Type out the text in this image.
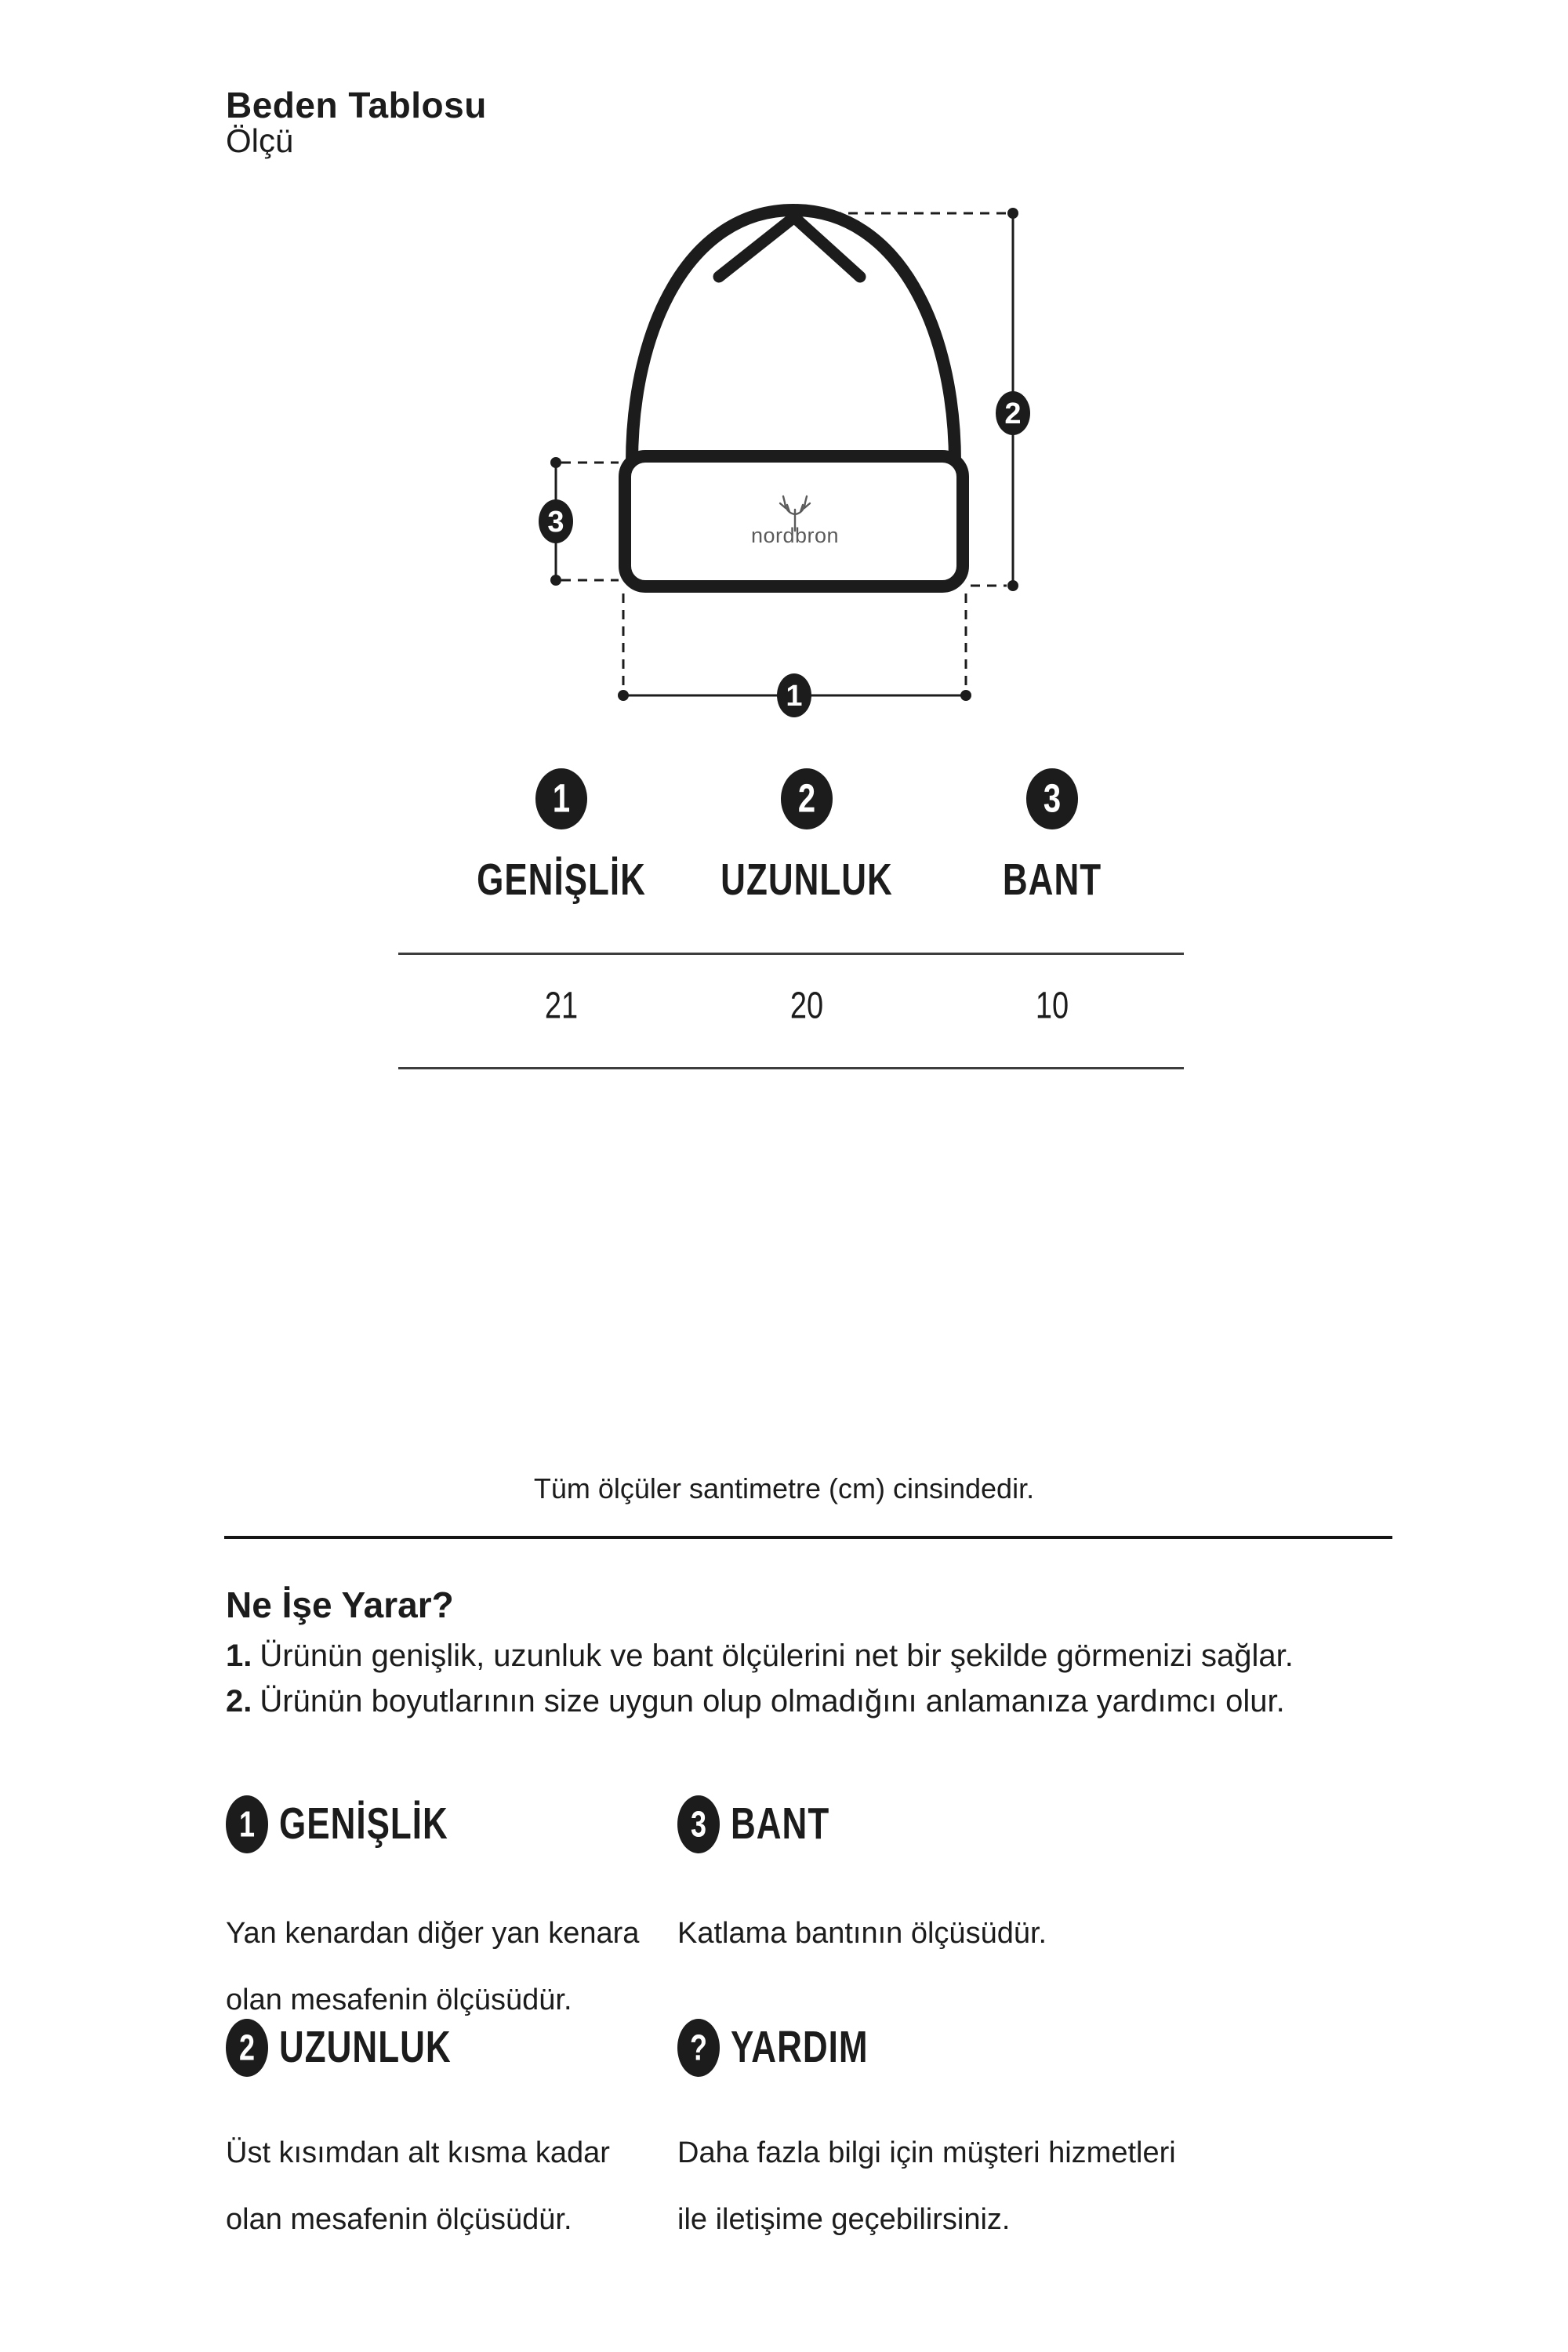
Beden Tablosu
Ölçü
nordbron
2
3
1
1	2	3
GENİŞLİK	UZUNLUK	BANT
21	20	10
Tüm ölçüler santimetre (cm) cinsindedir.
Ne İşe Yarar?
1. Ürünün genişlik, uzunluk ve bant ölçülerini net bir şekilde görmenizi sağlar.
2. Ürünün boyutlarının size uygun olup olmadığını anlamanıza yardımcı olur.
1 GENİŞLİK
Yan kenardan diğer yan kenara
olan mesafenin ölçüsüdür.
3 BANT
Katlama bantının ölçüsüdür.
2 UZUNLUK
Üst kısımdan alt kısma kadar
olan mesafenin ölçüsüdür.
? YARDIM
Daha fazla bilgi için müşteri hizmetleri
ile iletişime geçebilirsiniz.
